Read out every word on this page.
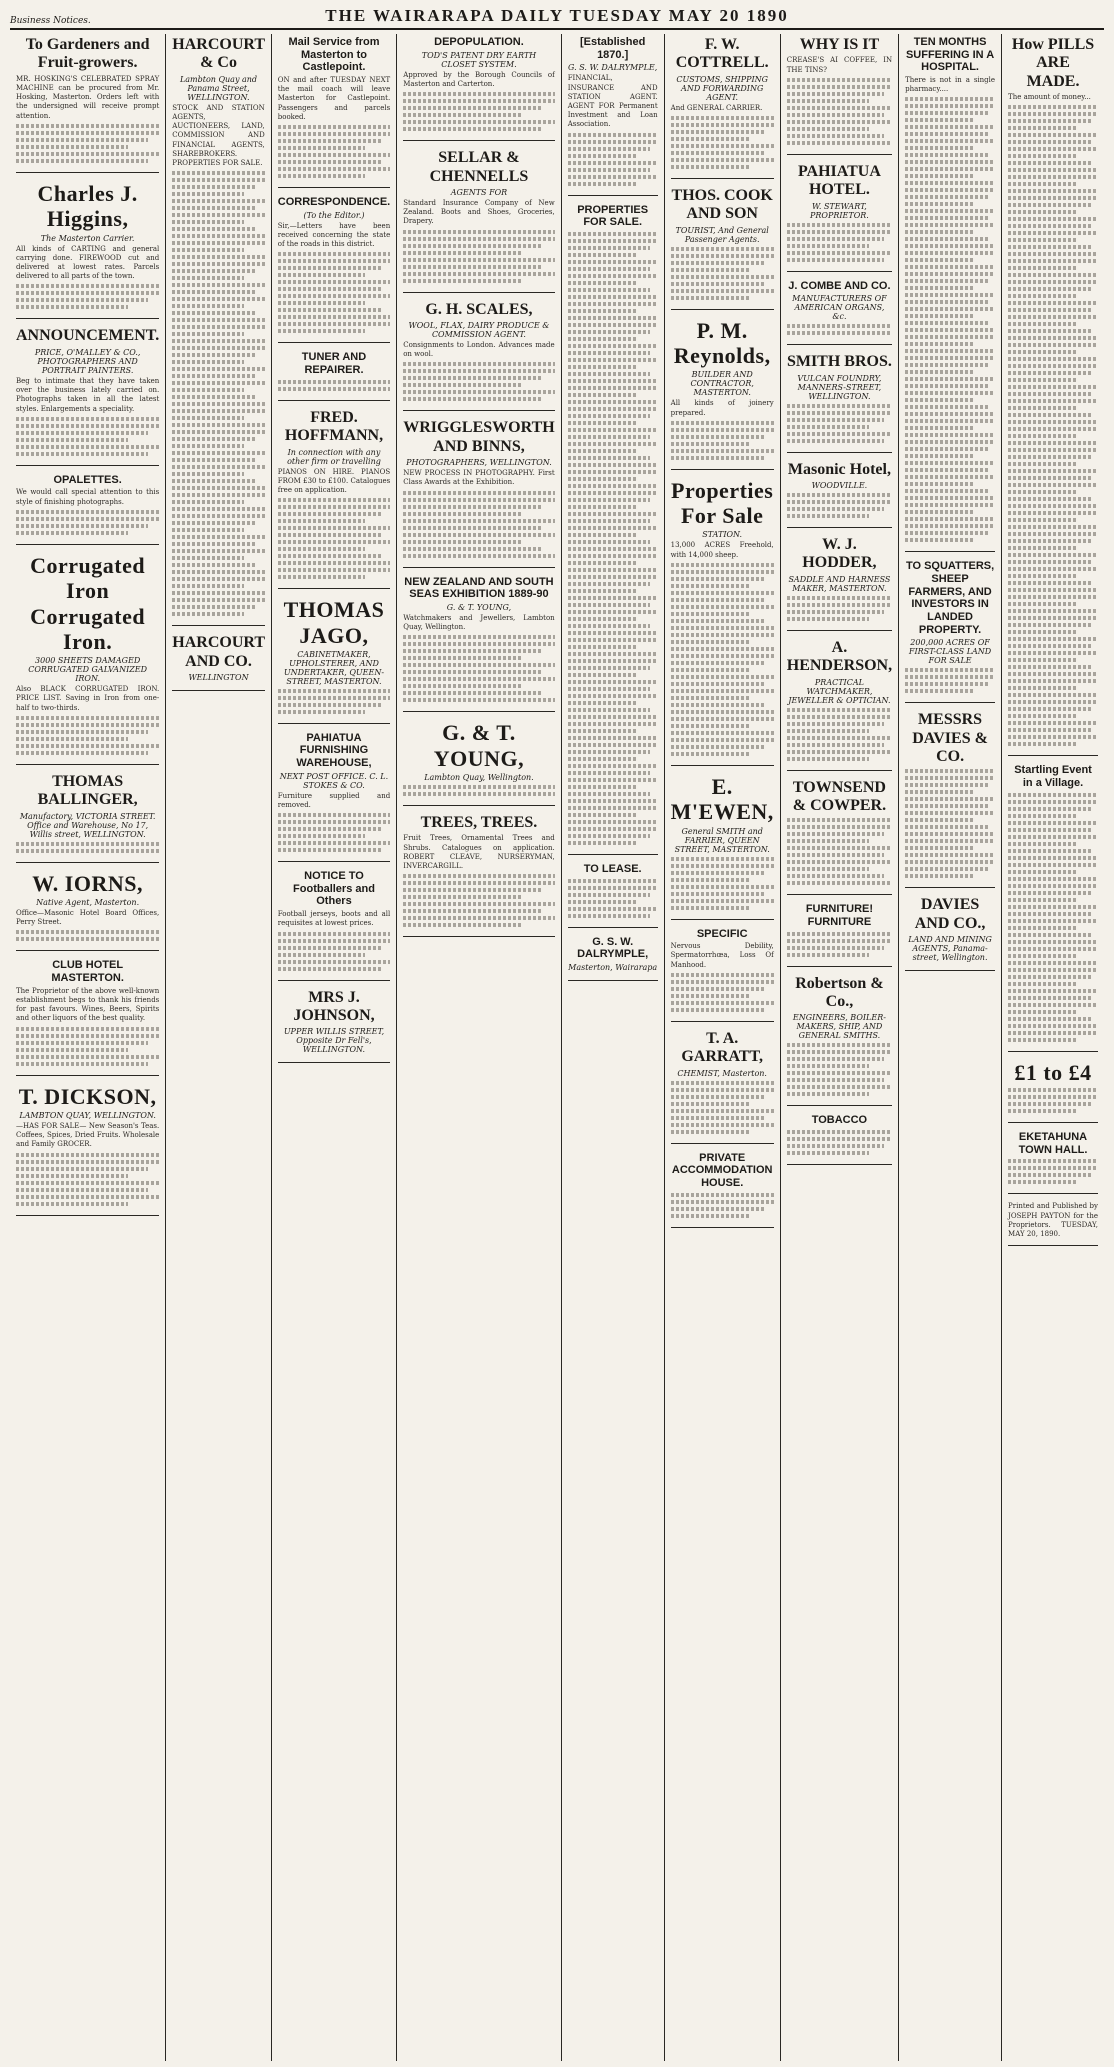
Business Notices.	THE WAIRARAPA DAILY TUESDAY MAY 20 1890
To Gardeners and Fruit-growers.
MR. HOSKING'S CELEBRATED SPRAY MACHINE can be procured from Mr. Hosking, Masterton. Orders left with the undersigned will receive prompt attention.
Charles J. Higgins,
The Masterton Carrier.
All kinds of CARTING and general carrying done. FIREWOOD cut and delivered at lowest rates. Parcels delivered to all parts of the town.
ANNOUNCEMENT.
PRICE, O'MALLEY & CO., PHOTOGRAPHERS AND PORTRAIT PAINTERS.
Beg to intimate that they have taken over the business lately carried on. Photographs taken in all the latest styles. Enlargements a speciality.
OPALETTES.
We would call special attention to this style of finishing photographs.
Corrugated Iron Corrugated Iron.
3000 SHEETS DAMAGED CORRUGATED GALVANIZED IRON.
Also BLACK CORRUGATED IRON. PRICE LIST. Saving in Iron from one-half to two-thirds.
THOMAS BALLINGER,
Manufactory, VICTORIA STREET. Office and Warehouse, No 17, Willis street, WELLINGTON.
W. IORNS,
Native Agent, Masterton.
Office—Masonic Hotel Board Offices, Perry Street.
CLUB HOTEL MASTERTON.
The Proprietor of the above well-known establishment begs to thank his friends for past favours. Wines, Beers, Spirits and other liquors of the best quality.
T. DICKSON,
LAMBTON QUAY, WELLINGTON.
—HAS FOR SALE— New Season's Teas. Coffees, Spices, Dried Fruits. Wholesale and Family GROCER.
HARCOURT & Co
Lambton Quay and Panama Street, WELLINGTON.
STOCK AND STATION AGENTS, AUCTIONEERS, LAND, COMMISSION AND FINANCIAL AGENTS, SHAREBROKERS. PROPERTIES FOR SALE.
HARCOURT AND CO.
WELLINGTON
Mail Service from Masterton to Castlepoint.
ON and after TUESDAY NEXT the mail coach will leave Masterton for Castlepoint. Passengers and parcels booked.
CORRESPONDENCE.
(To the Editor.)
Sir,—Letters have been received concerning the state of the roads in this district.
TUNER AND REPAIRER.
FRED. HOFFMANN,
In connection with any other firm or travelling
PIANOS ON HIRE. PIANOS FROM £30 to £100. Catalogues free on application.
THOMAS JAGO,
CABINETMAKER, UPHOLSTERER, AND UNDERTAKER, QUEEN-STREET, MASTERTON.
PAHIATUA FURNISHING WAREHOUSE,
NEXT POST OFFICE. C. L. STOKES & CO.
Furniture supplied and removed.
NOTICE TO Footballers and Others
Football jerseys, boots and all requisites at lowest prices.
MRS J. JOHNSON,
UPPER WILLIS STREET, Opposite Dr Fell's, WELLINGTON.
DEPOPULATION.
TOD'S PATENT DRY EARTH CLOSET SYSTEM.
Approved by the Borough Councils of Masterton and Carterton.
SELLAR & CHENNELLS
AGENTS FOR
Standard Insurance Company of New Zealand. Boots and Shoes, Groceries, Drapery.
G. H. SCALES,
WOOL, FLAX, DAIRY PRODUCE & COMMISSION AGENT.
Consignments to London. Advances made on wool.
WRIGGLESWORTH AND BINNS,
PHOTOGRAPHERS, WELLINGTON.
NEW PROCESS IN PHOTOGRAPHY. First Class Awards at the Exhibition.
NEW ZEALAND AND SOUTH SEAS EXHIBITION 1889-90
G. & T. YOUNG,
Watchmakers and Jewellers, Lambton Quay, Wellington.
G. & T. YOUNG,
Lambton Quay, Wellington.
TREES, TREES.
Fruit Trees, Ornamental Trees and Shrubs. Catalogues on application. ROBERT CLEAVE, NURSERYMAN, INVERCARGILL.
[Established 1870.]
G. S. W. DALRYMPLE,
FINANCIAL, INSURANCE AND STATION AGENT. AGENT FOR Permanent Investment and Loan Association.
PROPERTIES FOR SALE.
TO LEASE.
G. S. W. DALRYMPLE,
Masterton, Wairarapa
F. W. COTTRELL.
CUSTOMS, SHIPPING AND FORWARDING AGENT.
And GENERAL CARRIER.
THOS. COOK AND SON
TOURIST, And General Passenger Agents.
P. M. Reynolds,
BUILDER AND CONTRACTOR, MASTERTON.
All kinds of joinery prepared.
Properties For Sale
STATION.
13,000 ACRES Freehold, with 14,000 sheep.
E. M'EWEN,
General SMITH and FARRIER, QUEEN STREET, MASTERTON.
SPECIFIC
Nervous Debility, Spermatorrhœa, Loss Of Manhood.
T. A. GARRATT,
CHEMIST, Masterton.
PRIVATE ACCOMMODATION HOUSE.
WHY IS IT
CREASE'S AI COFFEE, IN THE TINS?
PAHIATUA HOTEL.
W. STEWART, PROPRIETOR.
J. COMBE AND CO.
MANUFACTURERS OF AMERICAN ORGANS, &c.
SMITH BROS.
VULCAN FOUNDRY, MANNERS-STREET, WELLINGTON.
Masonic Hotel,
WOODVILLE.
W. J. HODDER,
SADDLE AND HARNESS MAKER, MASTERTON.
A. HENDERSON,
PRACTICAL WATCHMAKER, JEWELLER & OPTICIAN.
TOWNSEND & COWPER.
FURNITURE! FURNITURE
Robertson & Co.,
ENGINEERS, BOILER-MAKERS, SHIP, AND GENERAL SMITHS.
TOBACCO
TEN MONTHS SUFFERING IN A HOSPITAL.
There is not in a single pharmacy....
TO SQUATTERS, SHEEP FARMERS, AND INVESTORS IN LANDED PROPERTY.
200,000 ACRES OF FIRST-CLASS LAND FOR SALE
MESSRS DAVIES & CO.
DAVIES AND CO.,
LAND AND MINING AGENTS, Panama-street, Wellington.
How PILLS ARE MADE.
The amount of money...
Startling Event in a Village.
£1 to £4
EKETAHUNA TOWN HALL.
Printed and Published by JOSEPH PAYTON for the Proprietors. TUESDAY, MAY 20, 1890.
